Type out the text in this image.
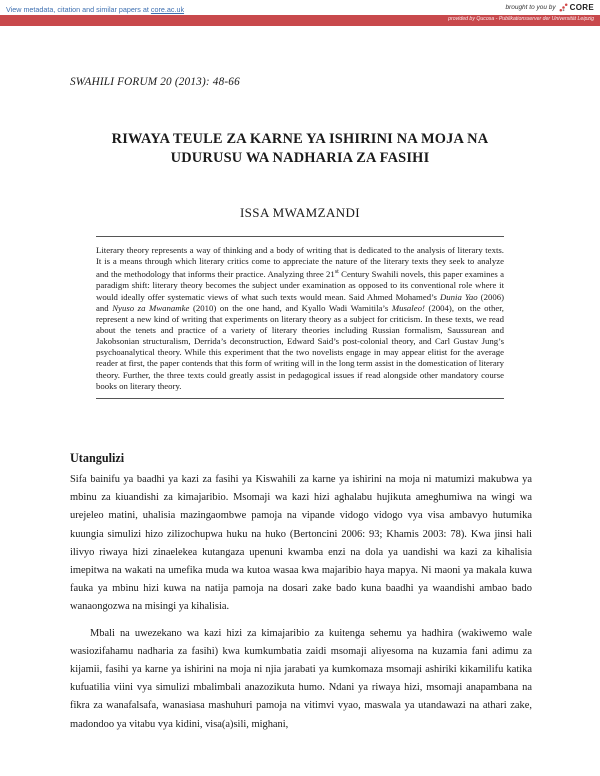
View metadata, citation and similar papers at core.ac.uk	brought to you by CORE
provided by Qucosa - Publikationsserver der Universität Leipzig
SWAHILI FORUM 20 (2013): 48-66
RIWAYA TEULE ZA KARNE YA ISHIRINI NA MOJA NA
UDURUSU WA NADHARIA ZA FASIHI
ISSA MWAMZANDI

Literary theory represents a way of thinking and a body of writing that is dedicated to the analysis of literary texts. It is a means through which literary critics come to appreciate the nature of the literary texts they seek to analyze and the methodology that informs their practice. Analyzing three 21st Century Swahili novels, this paper examines a paradigm shift: literary theory becomes the subject under examination as opposed to its conventional role where it would ideally offer systematic views of what such texts would mean. Said Ahmed Mohamed’s Dunia Yao (2006) and Nyuso za Mwanamke (2010) on the one hand, and Kyallo Wadi Wamitila’s Musaleo! (2004), on the other, represent a new kind of writing that experiments on literary theory as a subject for criticism. In these texts, we read about the tenets and practice of a variety of literary theories including Russian formalism, Saussurean and Jakobsonian structuralism, Derrida’s deconstruction, Edward Said’s post-colonial theory, and Carl Gustav Jung’s psychoanalytical theory. While this experiment that the two novelists engage in may appear elitist for the average reader at first, the paper contends that this form of writing will in the long term assist in the domestication of literary theory. Further, the three texts could greatly assist in pedagogical issues if read alongside other mandatory course books on literary theory.

Utangulizi

Sifa bainifu ya baadhi ya kazi za fasihi ya Kiswahili za karne ya ishirini na moja ni matumizi makubwa ya mbinu za kiuandishi za kimajaribio. Msomaji wa kazi hizi aghalabu hujikuta ameghumiwa na wingi wa urejeleo matini, uhalisia mazingaombwe pamoja na vipande vidogo vidogo vya visa ambavyo hutumika kuungia simulizi hizo zilizochupwa huku na huko (Bertoncini 2006: 93; Khamis 2003: 78). Kwa jinsi hali ilivyo riwaya hizi zinaelekea kutangaza upenuni kwamba enzi na dola ya uandishi wa kazi za kihalisia imepitwa na wakati na umefika muda wa kutoa wasaa kwa majaribio haya mapya. Ni maoni ya makala kuwa fauka ya mbinu hizi kuwa na natija pamoja na dosari zake bado kuna baadhi ya waandishi ambao bado wanaongozwa na misingi ya kihalisia.

Mbali na uwezekano wa kazi hizi za kimajaribio za kuitenga sehemu ya hadhira (wakiwemo wale wasiozifahamu nadharia za fasihi) kwa kumkumbatia zaidi msomaji aliyesoma na kuzamia fani adimu za kijamii, fasihi ya karne ya ishirini na moja ni njia jarabati ya kumkomaza msomaji ashiriki kikamilifu katika kufuatilia viini vya simulizi mbalimbali anazozikuta humo. Ndani ya riwaya hizi, msomaji anapambana na fikra za wanafalsafa, wanasiasa mashuhuri pamoja na vitimvi vyao, maswala ya utandawazi na athari zake, madondoo ya vitabu vya kidini, visa(a)sili, mighani,
